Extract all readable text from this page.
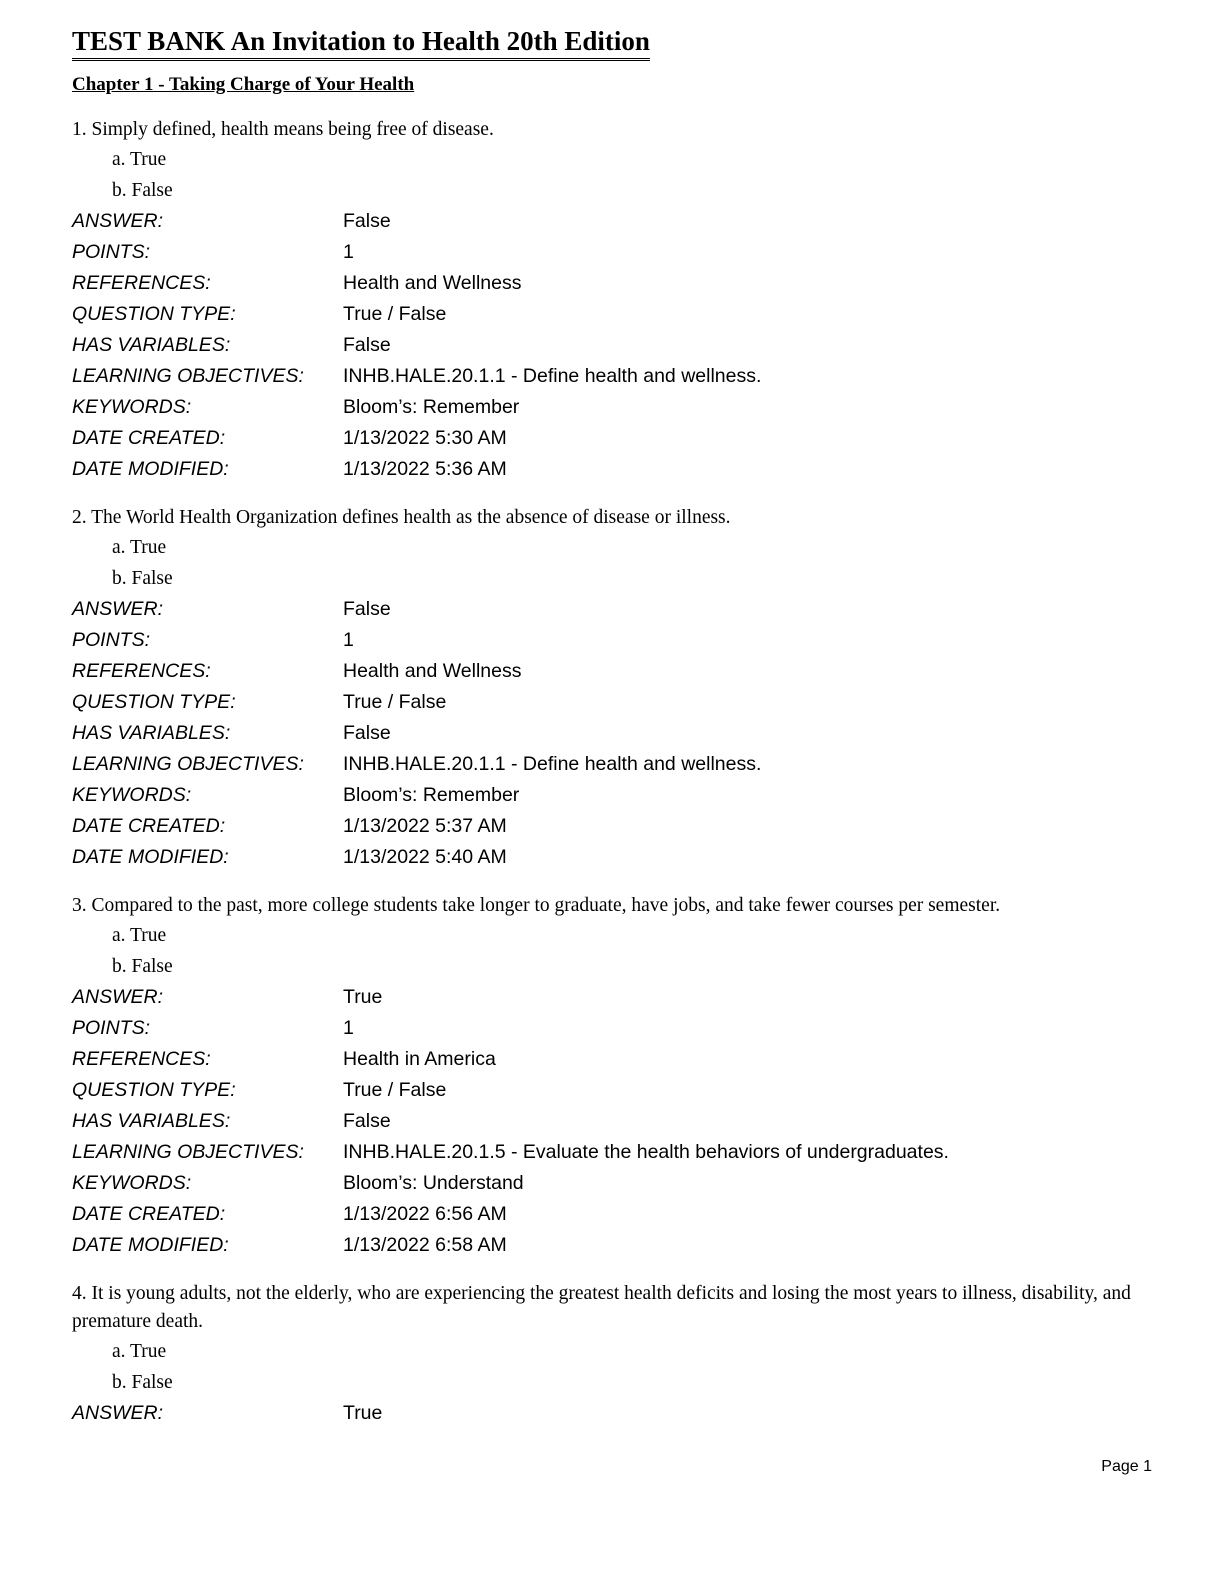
TEST BANK An Invitation to Health 20th Edition
Chapter 1 - Taking Charge of Your Health
1. Simply defined, health means being free of disease.
a. True
b. False
ANSWER:	False
POINTS:	1
REFERENCES:	Health and Wellness
QUESTION TYPE:	True / False
HAS VARIABLES:	False
LEARNING OBJECTIVES:	INHB.HALE.20.1.1 - Define health and wellness.
KEYWORDS:	Bloom’s: Remember
DATE CREATED:	1/13/2022 5:30 AM
DATE MODIFIED:	1/13/2022 5:36 AM
2. The World Health Organization defines health as the absence of disease or illness.
a. True
b. False
ANSWER:	False
POINTS:	1
REFERENCES:	Health and Wellness
QUESTION TYPE:	True / False
HAS VARIABLES:	False
LEARNING OBJECTIVES:	INHB.HALE.20.1.1 - Define health and wellness.
KEYWORDS:	Bloom’s: Remember
DATE CREATED:	1/13/2022 5:37 AM
DATE MODIFIED:	1/13/2022 5:40 AM
3. Compared to the past, more college students take longer to graduate, have jobs, and take fewer courses per semester.
a. True
b. False
ANSWER:	True
POINTS:	1
REFERENCES:	Health in America
QUESTION TYPE:	True / False
HAS VARIABLES:	False
LEARNING OBJECTIVES:	INHB.HALE.20.1.5 - Evaluate the health behaviors of undergraduates.
KEYWORDS:	Bloom’s: Understand
DATE CREATED:	1/13/2022 6:56 AM
DATE MODIFIED:	1/13/2022 6:58 AM
4. It is young adults, not the elderly, who are experiencing the greatest health deficits and losing the most years to illness, disability, and premature death.
a. True
b. False
ANSWER:	True
Page 1
